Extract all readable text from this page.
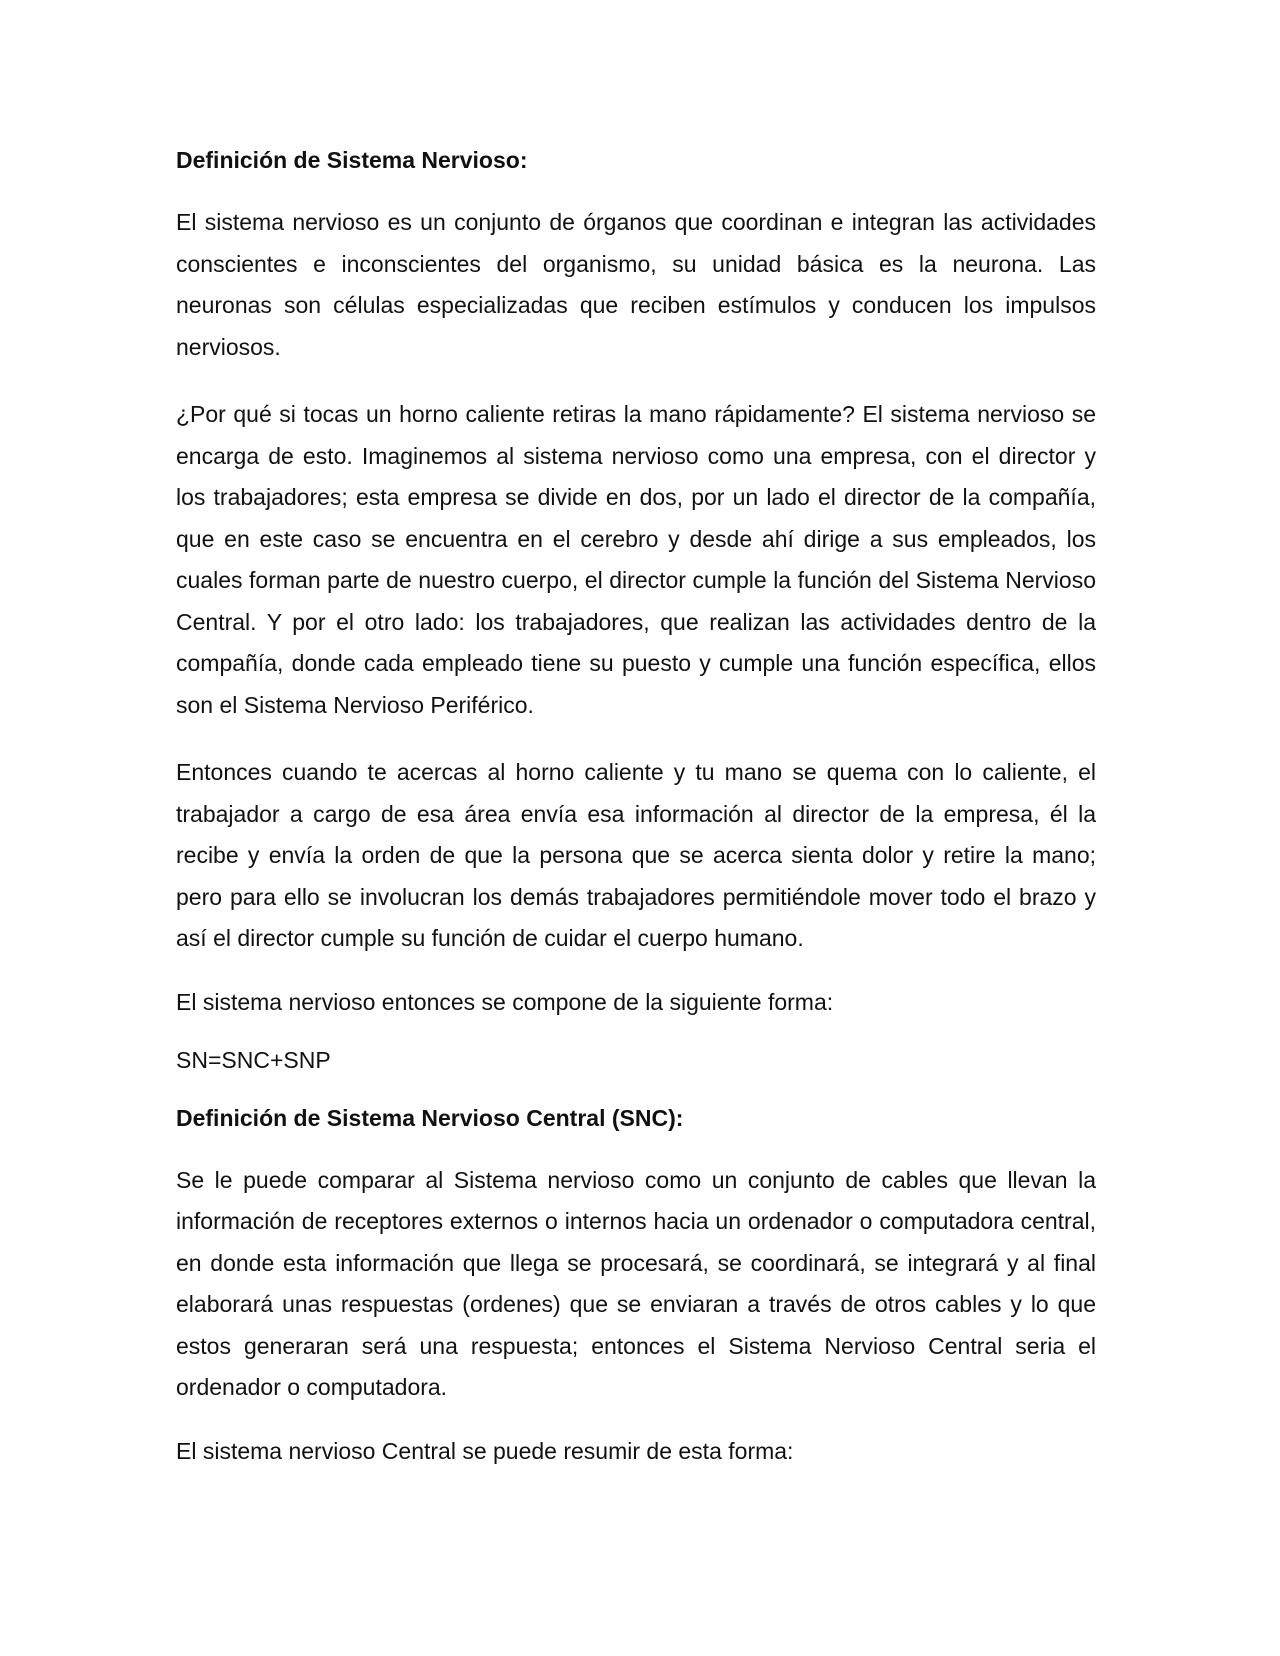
Definición de Sistema Nervioso:

El sistema nervioso es un conjunto de órganos que coordinan e integran las actividades conscientes e inconscientes del organismo, su unidad básica es la neurona. Las neuronas son células especializadas que reciben estímulos y conducen los impulsos nerviosos.

¿Por qué si tocas un horno caliente retiras la mano rápidamente? El sistema nervioso se encarga de esto. Imaginemos al sistema nervioso como una empresa, con el director y los trabajadores; esta empresa se divide en dos, por un lado el director de la compañía, que en este caso se encuentra en el cerebro y desde ahí dirige a sus empleados, los cuales forman parte de nuestro cuerpo, el director cumple la función del Sistema Nervioso Central. Y por el otro lado: los trabajadores, que realizan las actividades dentro de la compañía, donde cada empleado tiene su puesto y cumple una función específica, ellos son el Sistema Nervioso Periférico.

Entonces cuando te acercas al horno caliente y tu mano se quema con lo caliente, el trabajador a cargo de esa área envía esa información al director de la empresa, él la recibe y envía la orden de que la persona que se acerca sienta dolor y retire la mano; pero para ello se involucran los demás trabajadores permitiéndole mover todo el brazo y así el director cumple su función de cuidar el cuerpo humano.

El sistema nervioso entonces se compone de la siguiente forma:

SN=SNC+SNP

Definición de Sistema Nervioso Central (SNC):

Se le puede comparar al Sistema nervioso como un conjunto de cables que llevan la información de receptores externos o internos hacia un ordenador o computadora central, en donde esta información que llega se procesará, se coordinará, se integrará y al final elaborará unas respuestas (ordenes) que se enviaran a través de otros cables y lo que estos generaran será una respuesta; entonces el Sistema Nervioso Central seria el ordenador o computadora.

El sistema nervioso Central se puede resumir de esta forma:
